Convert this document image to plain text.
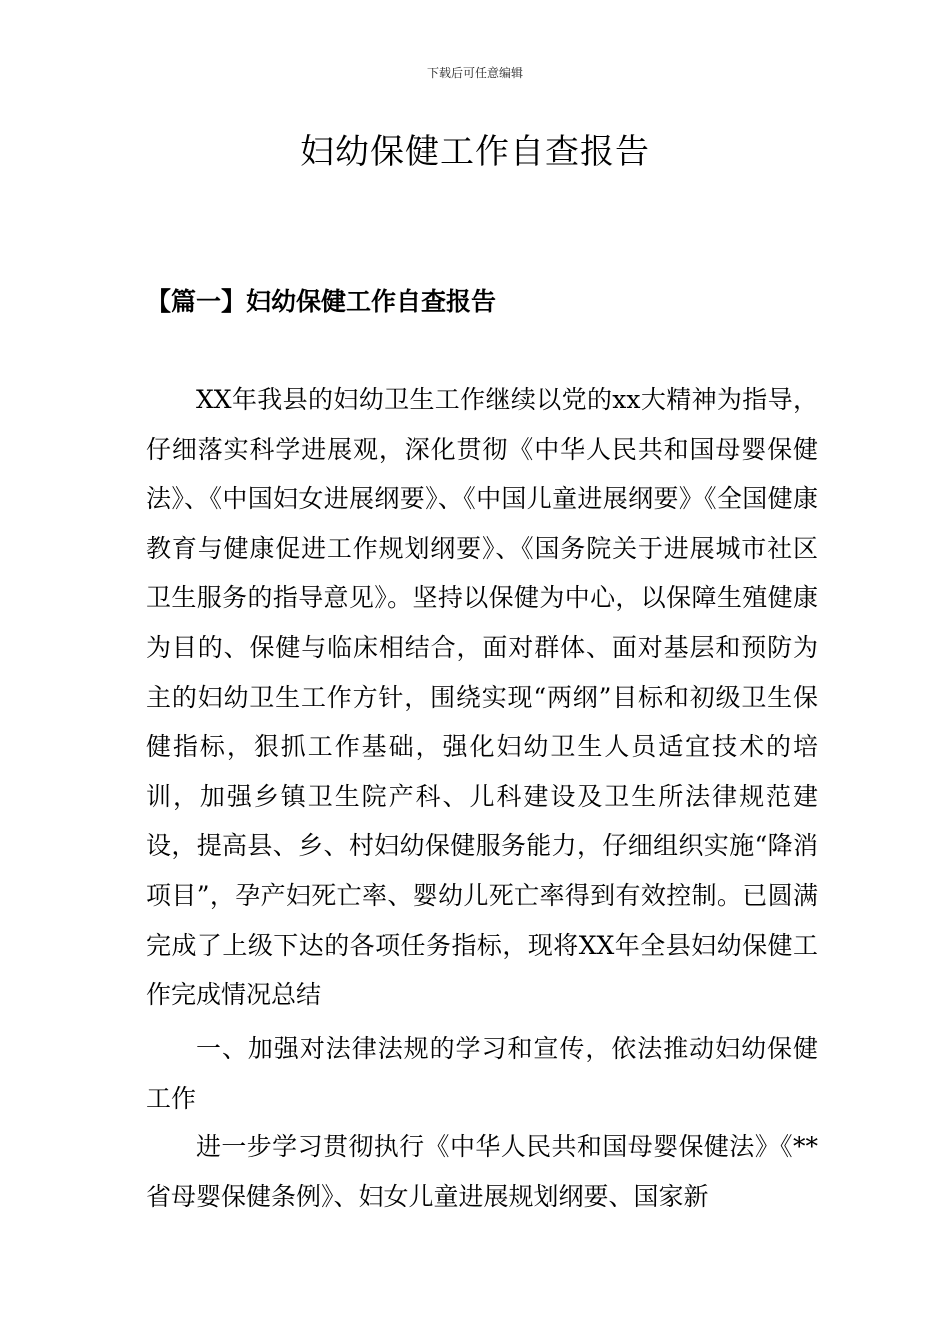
下载后可任意编辑
妇幼保健工作自查报告
【篇一】妇幼保健工作自查报告

XX年我县的妇幼卫生工作继续以党的xx大精神为指导，仔细落实科学进展观，深化贯彻《中华人民共和国母婴保健法》、《中国妇女进展纲要》、《中国儿童进展纲要》《全国健康教育与健康促进工作规划纲要》、《国务院关于进展城市社区卫生服务的指导意见》。坚持以保健为中心，以保障生殖健康为目的、保健与临床相结合，面对群体、面对基层和预防为主的妇幼卫生工作方针，围绕实现“两纲”目标和初级卫生保健指标，狠抓工作基础，强化妇幼卫生人员适宜技术的培训，加强乡镇卫生院产科、儿科建设及卫生所法律规范建设，提高县、乡、村妇幼保健服务能力，仔细组织实施“降消项目”，孕产妇死亡率、婴幼儿死亡率得到有效控制。已圆满完成了上级下达的各项任务指标，现将XX年全县妇幼保健工作完成情况总结

一、加强对法律法规的学习和宣传，依法推动妇幼保健工作

进一步学习贯彻执行《中华人民共和国母婴保健法》《**省母婴保健条例》、妇女儿童进展规划纲要、国家新
